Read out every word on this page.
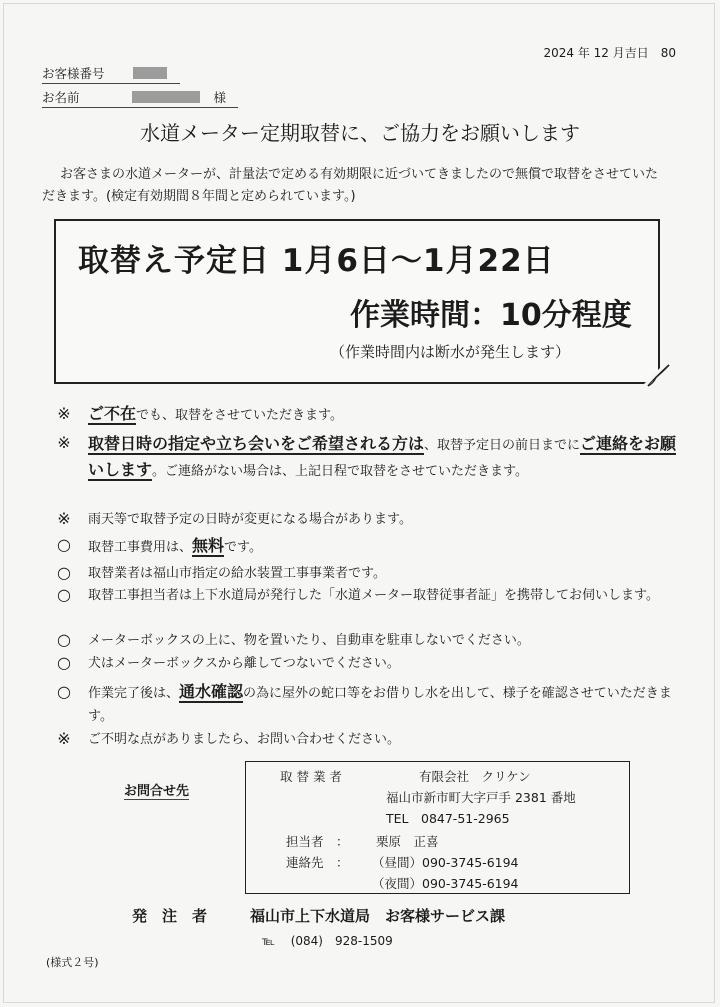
2024 年 12 月吉日　80
お客様番号
お名前	様
水道メーター定期取替に、ご協力をお願いします

お客さまの水道メーターが、計量法で定める有効期限に近づいてきましたので無償で取替をさせていただきます。(検定有効期間８年間と定められています。)

取替え予定日 1月6日～1月22日
作業時間：10分程度
（作業時間内は断水が発生します）
※	ご不在でも、取替をさせていただきます。
※	取替日時の指定や立ち会いをご希望される方は、取替予定日の前日までにご連絡をお願いします。ご連絡がない場合は、上記日程で取替をさせていただきます。
※	雨天等で取替予定の日時が変更になる場合があります。
○	取替工事費用は、無料です。
○	取替業者は福山市指定の給水装置工事事業者です。
○	取替工事担当者は上下水道局が発行した「水道メーター取替従事者証」を携帯してお伺いします。
○	メーターボックスの上に、物を置いたり、自動車を駐車しないでください。
○	犬はメーターボックスから離してつないでください。
○	作業完了後は、通水確認の為に屋外の蛇口等をお借りし水を出して、様子を確認させていただきます。
※	ご不明な点がありましたら、お問い合わせください。
お問合せ先
取 替 業 者	有限会社　クリケン
福山市新市町大字戸手 2381 番地
TEL　0847-51-2965
担当者　： 栗原　正喜
連絡先　： （昼間）090-3745-6194
（夜間）090-3745-6194
発　注　者	福山市上下水道局　お客様サービス課
℡　 (084)　928-1509
(様式２号)
